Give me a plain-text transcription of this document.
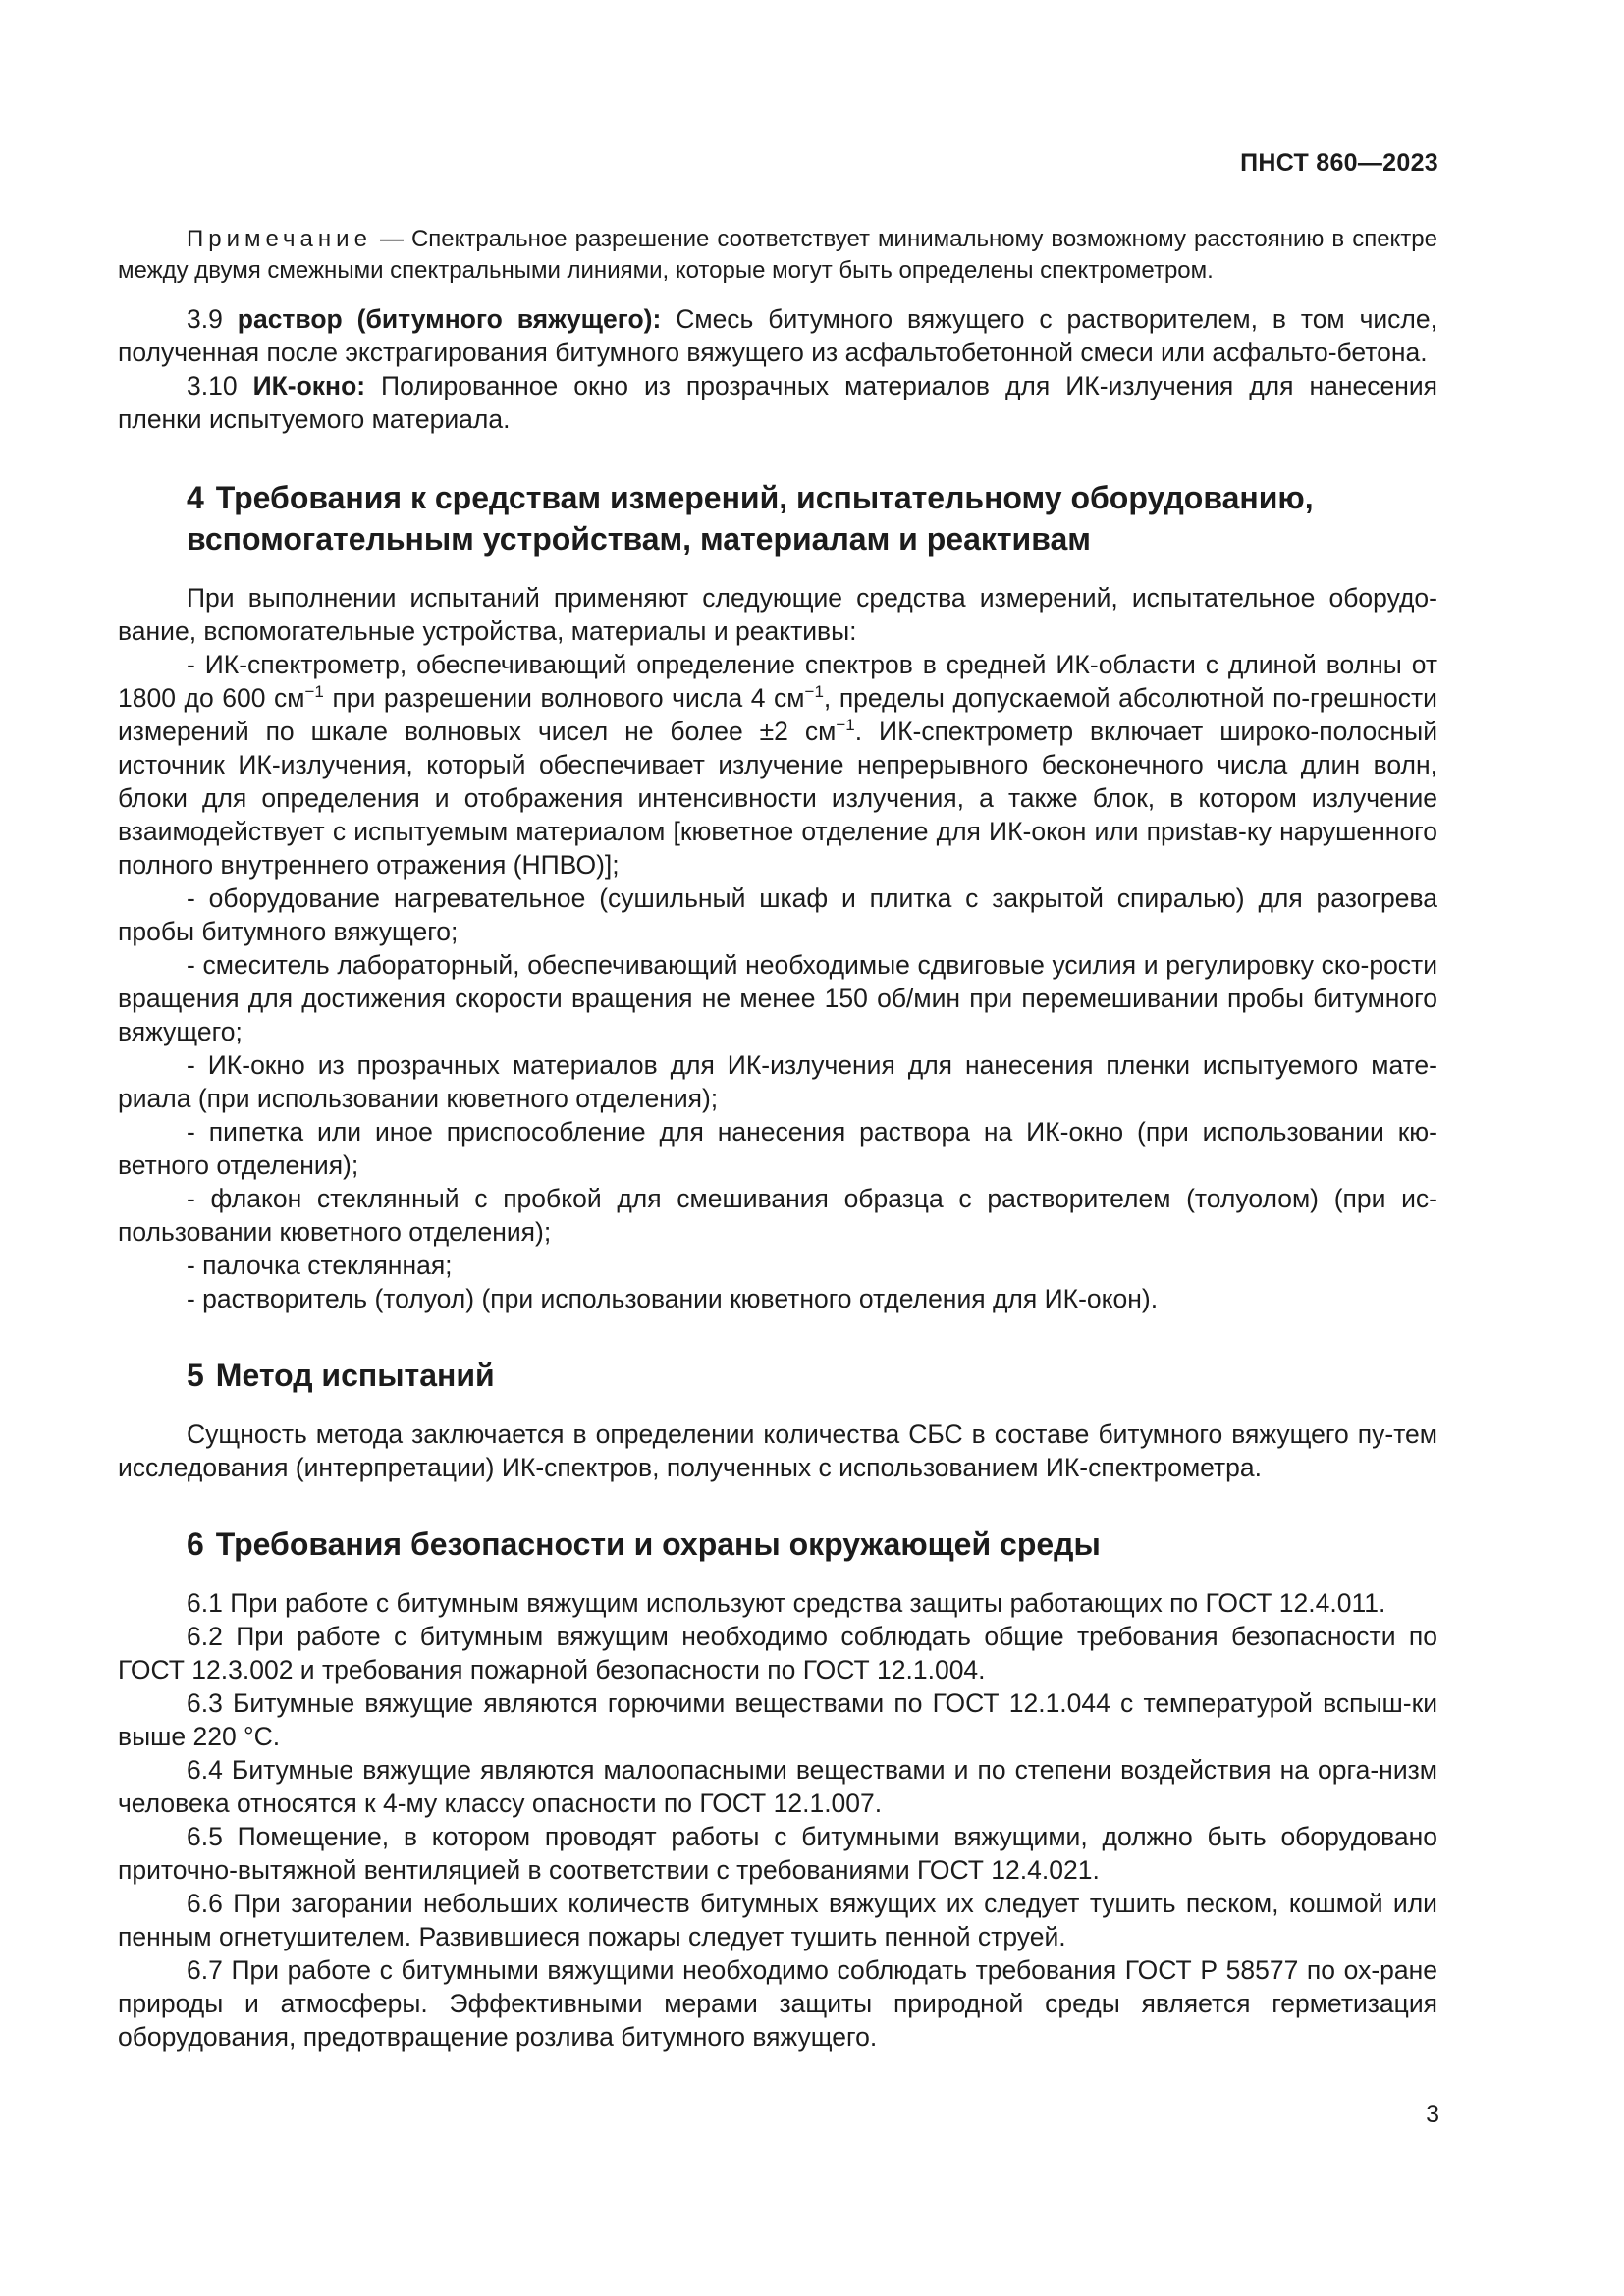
ПНСТ 860—2023

Примечание — Спектральное разрешение соответствует минимальному возможному расстоянию в спектре между двумя смежными спектральными линиями, которые могут быть определены спектрометром.

3.9 раствор (битумного вяжущего): Смесь битумного вяжущего с растворителем, в том числе, полученная после экстрагирования битумного вяжущего из асфальтобетонной смеси или асфальто-бетона.

3.10 ИК-окно: Полированное окно из прозрачных материалов для ИК-излучения для нанесения пленки испытуемого материала.

4 Требования к средствам измерений, испытательному оборудованию,
вспомогательным устройствам, материалам и реактивам

При выполнении испытаний применяют следующие средства измерений, испытательное оборудо-вание, вспомогательные устройства, материалы и реактивы:

- ИК-спектрометр, обеспечивающий определение спектров в средней ИК-области с длиной волны от 1800 до 600 $см^{-1}$ при разрешении волнового числа 4 $см^{-1}$, пределы допускаемой абсолютной по-грешности измерений по шкале волновых чисел не более ±2 $см^{-1}$. ИК-спектрометр включает широко-полосный источник ИК-излучения, который обеспечивает излучение непрерывного бесконечного числа длин волн, блоки для определения и отображения интенсивности излучения, а также блок, в котором излучение взаимодействует с испытуемым материалом [кюветное отделение для ИК-окон или приstав-ку нарушенного полного внутреннего отражения (НПВО)];

- оборудование нагревательное (сушильный шкаф и плитка с закрытой спиралью) для разогрева пробы битумного вяжущего;

- смеситель лабораторный, обеспечивающий необходимые сдвиговые усилия и регулировку ско-рости вращения для достижения скорости вращения не менее 150 об/мин при перемешивании пробы битумного вяжущего;

- ИК-окно из прозрачных материалов для ИК-излучения для нанесения пленки испытуемого мате-риала (при использовании кюветного отделения);

- пипетка или иное приспособление для нанесения раствора на ИК-окно (при использовании кю-ветного отделения);

- флакон стеклянный с пробкой для смешивания образца с растворителем (толуолом) (при ис-пользовании кюветного отделения);

- палочка стеклянная;

- растворитель (толуол) (при использовании кюветного отделения для ИК-окон).

5 Метод испытаний

Сущность метода заключается в определении количества СБС в составе битумного вяжущего пу-тем исследования (интерпретации) ИК-спектров, полученных с использованием ИК-спектрометра.

6 Требования безопасности и охраны окружающей среды

6.1 При работе с битумным вяжущим используют средства защиты работающих по ГОСТ 12.4.011.

6.2 При работе с битумным вяжущим необходимо соблюдать общие требования безопасности по ГОСТ 12.3.002 и требования пожарной безопасности по ГОСТ 12.1.004.

6.3 Битумные вяжущие являются горючими веществами по ГОСТ 12.1.044 с температурой вспыш-ки выше 220 °С.

6.4 Битумные вяжущие являются малоопасными веществами и по степени воздействия на орга-низм человека относятся к 4-му классу опасности по ГОСТ 12.1.007.

6.5 Помещение, в котором проводят работы с битумными вяжущими, должно быть оборудовано приточно-вытяжной вентиляцией в соответствии с требованиями ГОСТ 12.4.021.

6.6 При загорании небольших количеств битумных вяжущих их следует тушить песком, кошмой или пенным огнетушителем. Развившиеся пожары следует тушить пенной струей.

6.7 При работе с битумными вяжущими необходимо соблюдать требования ГОСТ Р 58577 по ох-ране природы и атмосферы. Эффективными мерами защиты природной среды является герметизация оборудования, предотвращение розлива битумного вяжущего.

3
